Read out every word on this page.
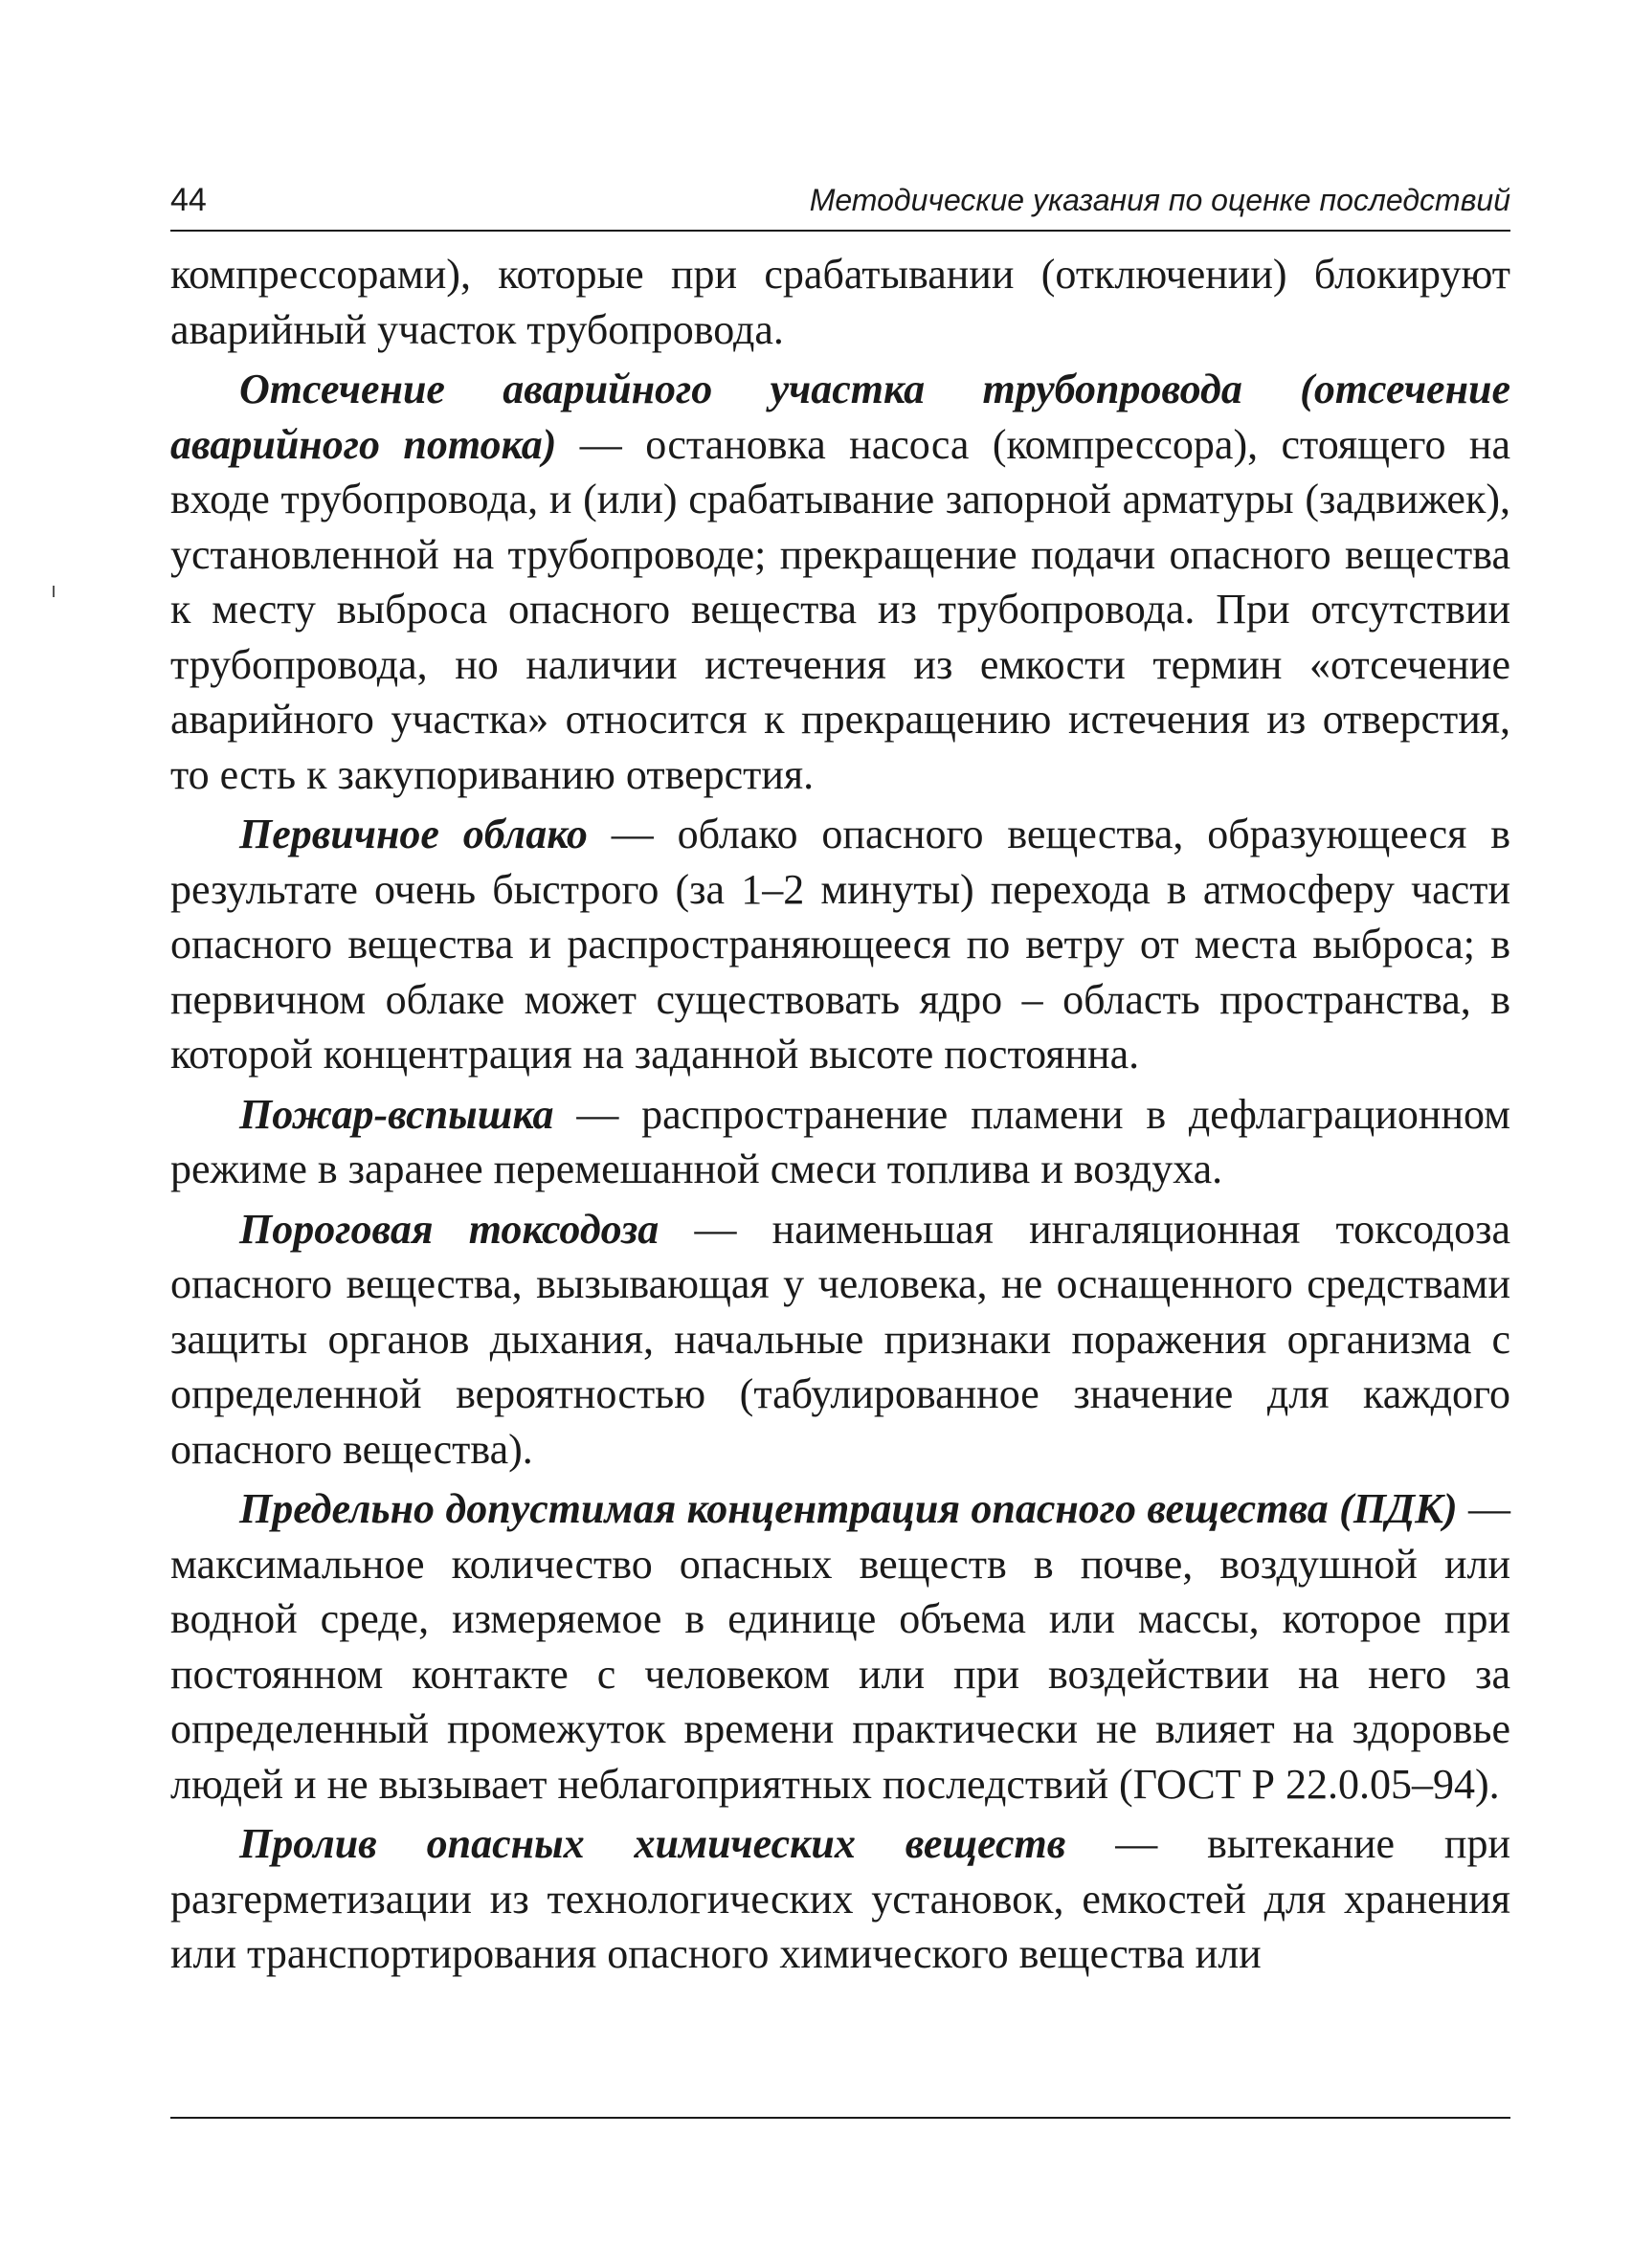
44	Методические указания по оценке последствий

компрессорами), которые при срабатывании (отключении) блокируют аварийный участок трубопровода.

Отсечение аварийного участка трубопровода (отсечение аварийного потока) — остановка насоса (компрессора), стоящего на входе трубопровода, и (или) срабатывание запорной арматуры (задвижек), установленной на трубопроводе; прекращение подачи опасного вещества к месту выброса опасного вещества из трубопровода. При отсутствии трубопровода, но наличии истечения из емкости термин «отсечение аварийного участка» относится к прекращению истечения из отверстия, то есть к закупориванию отверстия.

Первичное облако — облако опасного вещества, образующееся в результате очень быстрого (за 1–2 минуты) перехода в атмосферу части опасного вещества и распространяющееся по ветру от места выброса; в первичном облаке может существовать ядро – область пространства, в которой концентрация на заданной высоте постоянна.

Пожар-вспышка — распространение пламени в дефлаграционном режиме в заранее перемешанной смеси топлива и воздуха.

Пороговая токсодоза — наименьшая ингаляционная токсодоза опасного вещества, вызывающая у человека, не оснащенного средствами защиты органов дыхания, начальные признаки поражения организма с определенной вероятностью (табулированное значение для каждого опасного вещества).

Предельно допустимая концентрация опасного вещества (ПДК) — максимальное количество опасных веществ в почве, воздушной или водной среде, измеряемое в единице объема или массы, которое при постоянном контакте с человеком или при воздействии на него за определенный промежуток времени практически не влияет на здоровье людей и не вызывает неблагоприятных последствий (ГОСТ Р 22.0.05–94).

Пролив опасных химических веществ — вытекание при разгерметизации из технологических установок, емкостей для хранения или транспортирования опасного химического вещества или
